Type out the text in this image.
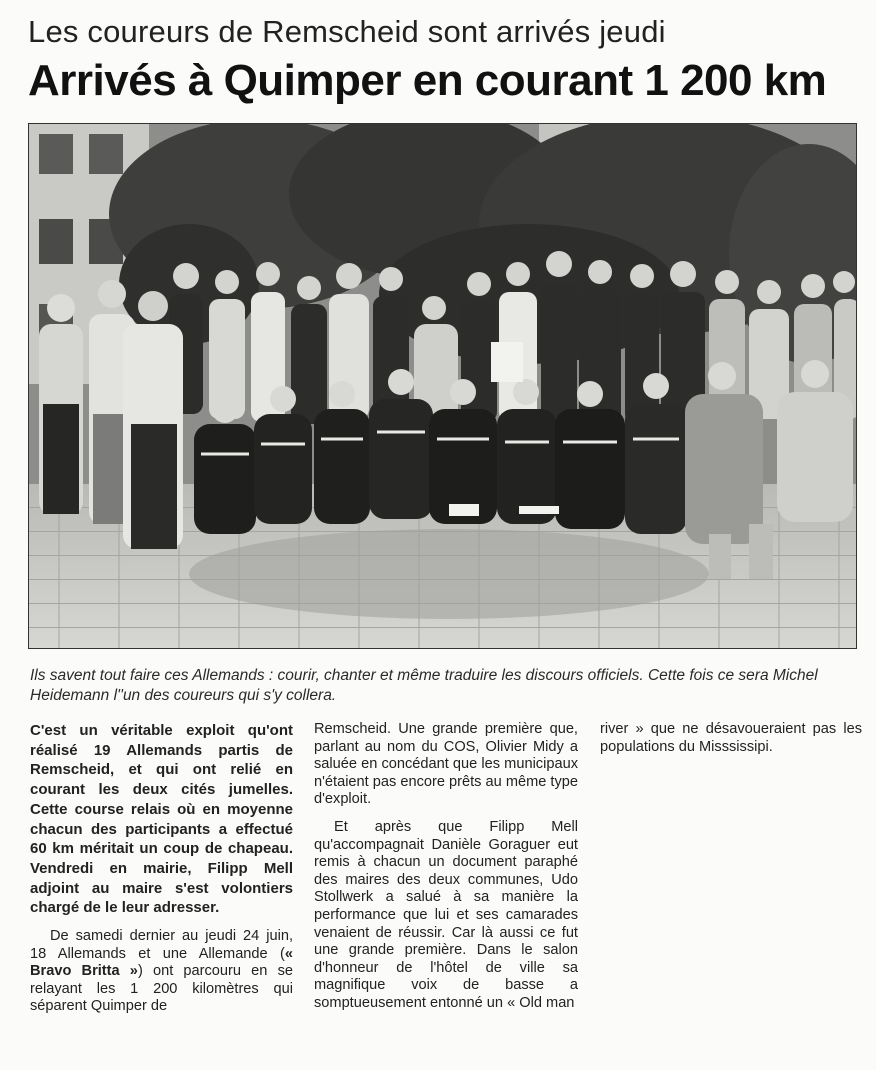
Les coureurs de Remscheid sont arrivés jeudi
Arrivés à Quimper en courant 1 200 km

Ils savent tout faire ces Allemands : courir, chanter et même traduire les discours officiels. Cette fois ce sera Michel Heidemann l''un des coureurs qui s'y collera.

C'est un véritable exploit qu'ont réalisé 19 Allemands partis de Remscheid, et qui ont relié en courant les deux cités jumelles. Cette course relais où en moyenne chacun des participants a effectué 60 km méritait un coup de chapeau. Vendredi en mairie, Filipp Mell adjoint au maire s'est volontiers chargé de le leur adresser.

De samedi dernier au jeudi 24 juin, 18 Allemands et une Allemande (« Bravo Britta ») ont parcouru en se relayant les 1 200 kilomètres qui séparent Quimper de

Remscheid. Une grande première que, parlant au nom du COS, Olivier Midy a saluée en concédant que les municipaux n'étaient pas encore prêts au même type d'exploit.

Et après que Filipp Mell qu'accompagnait Danièle Goraguer eut remis à chacun un document paraphé des maires des deux communes, Udo Stollwerk a salué à sa manière la performance que lui et ses camarades venaient de réussir. Car là aussi ce fut une grande première. Dans le salon d'honneur de l'hôtel de ville sa magnifique voix de basse a somptueusement entonné un « Old man

river » que ne désavoueraient pas les populations du Misssissipi.
